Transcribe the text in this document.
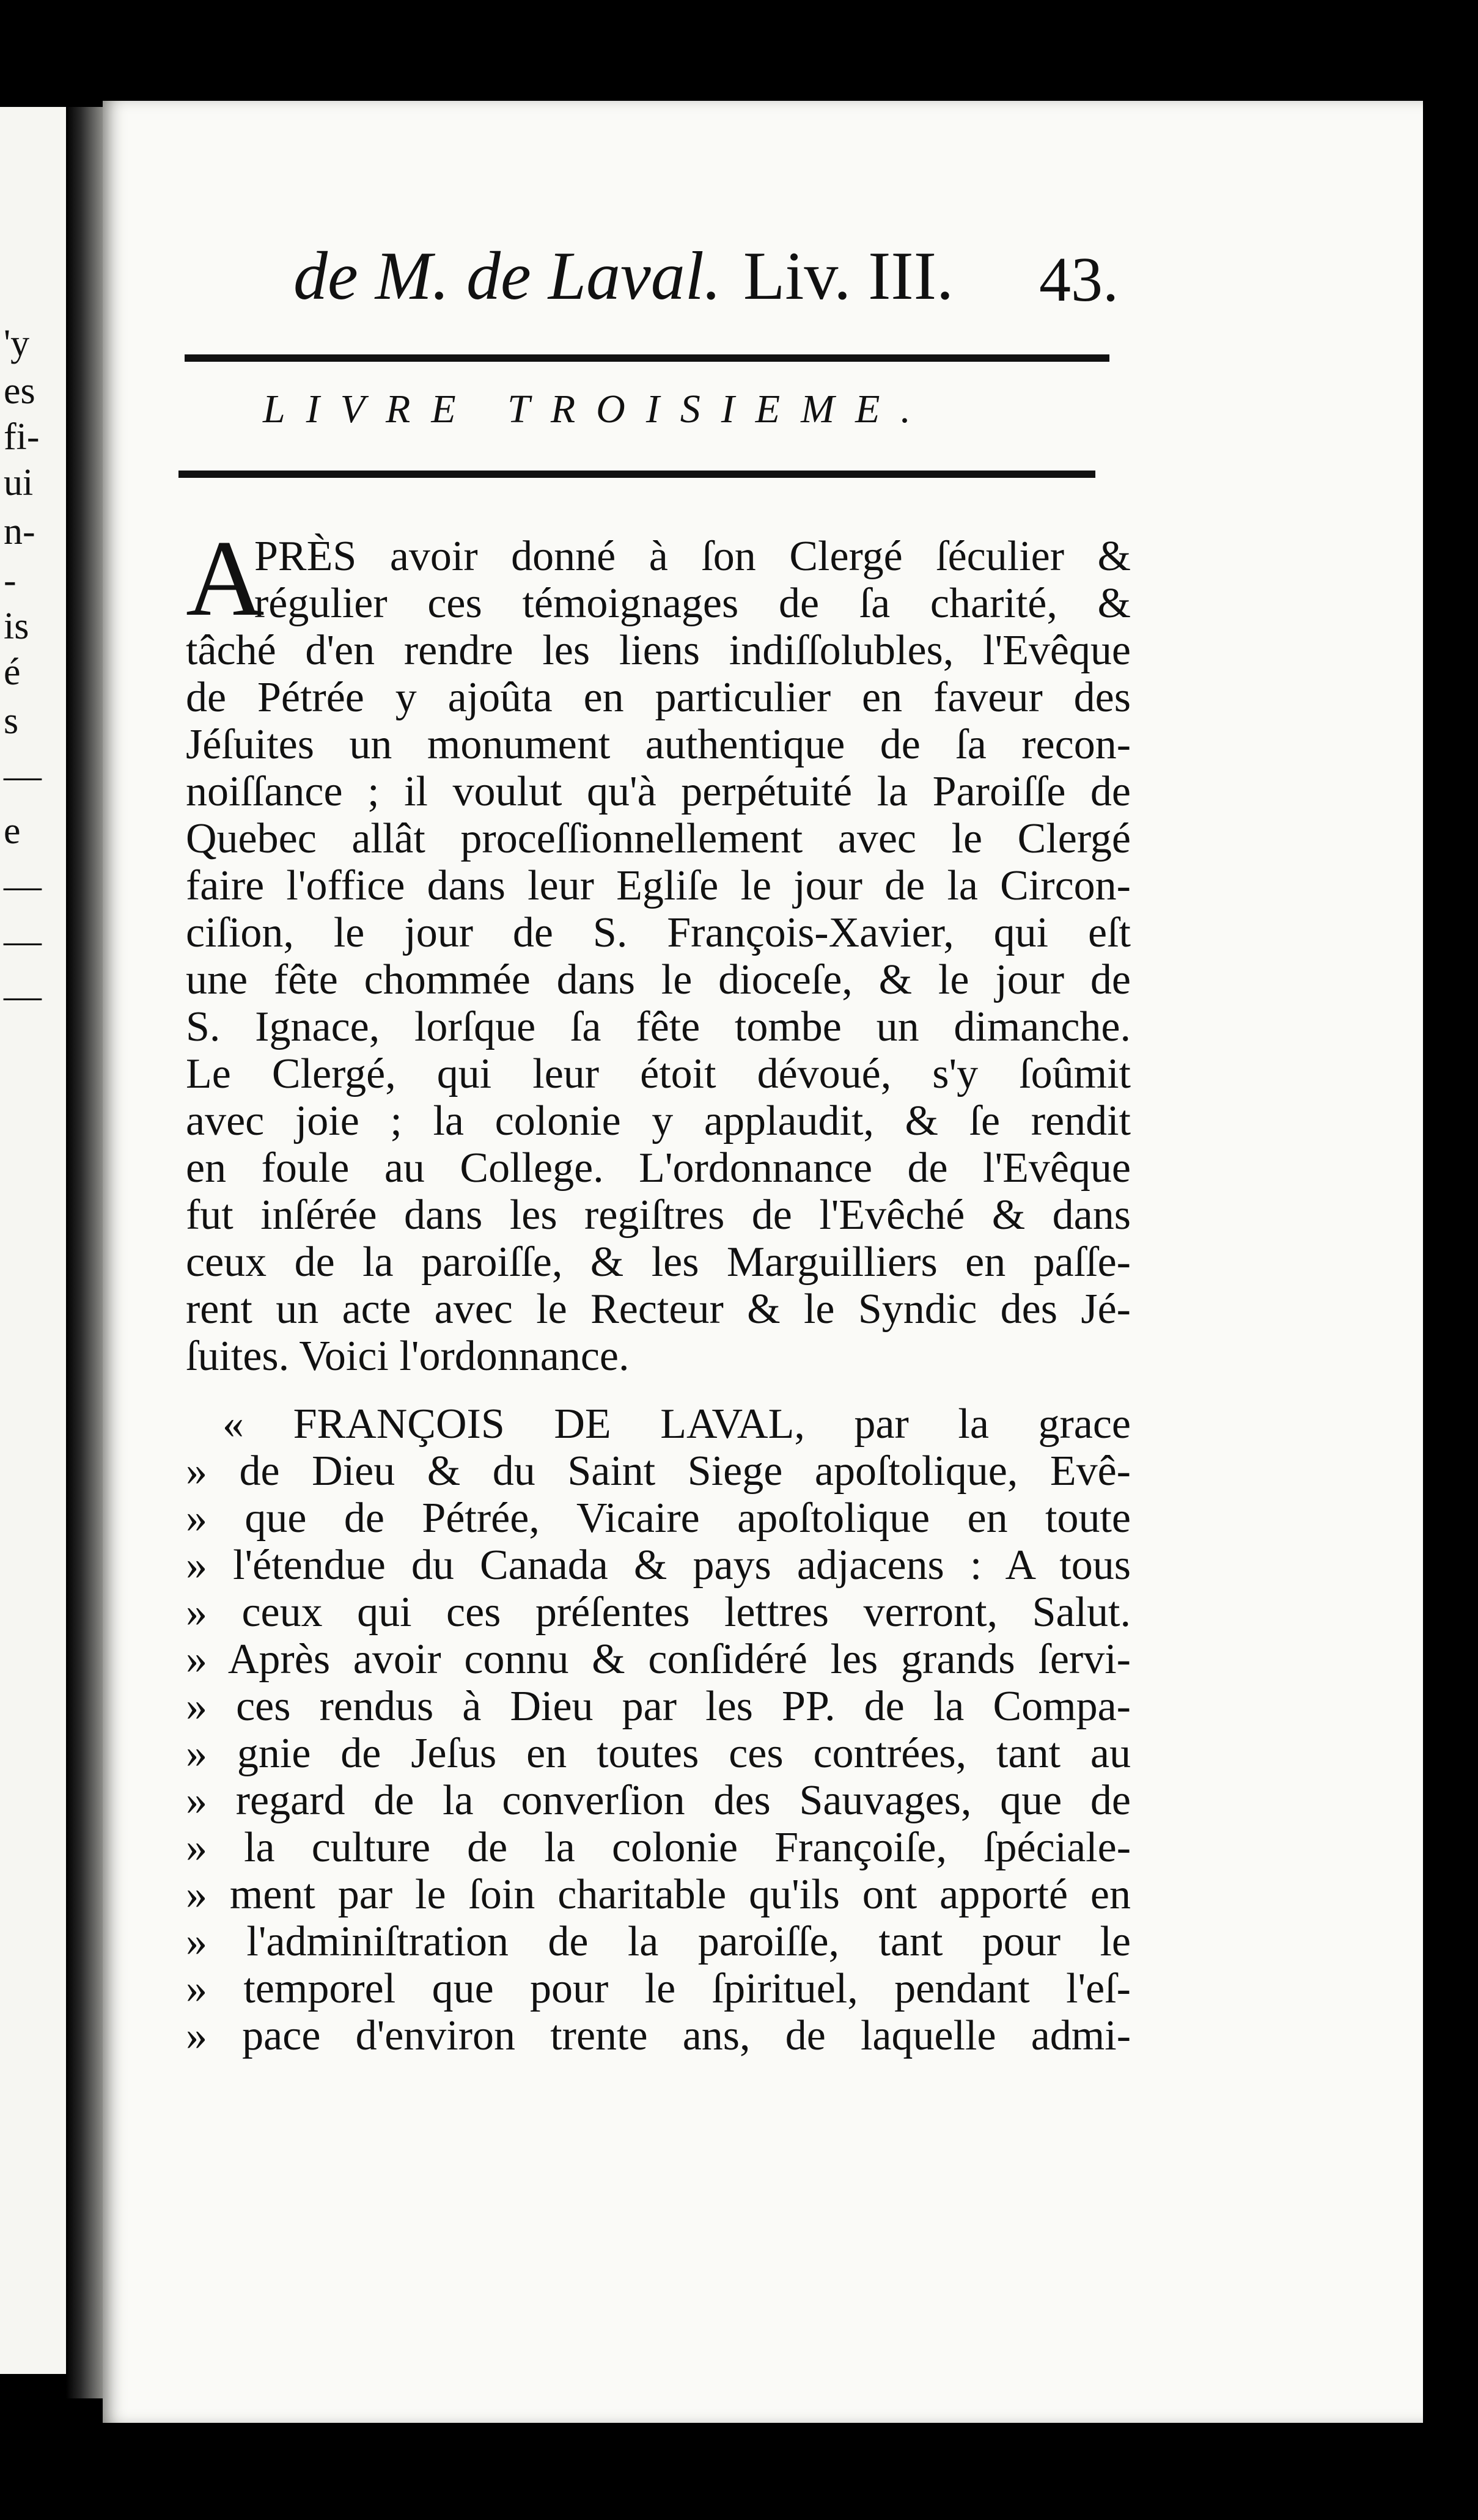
'y
es
fi-
ui
n-
-
is
é
s
—
e
—
—
—
de M. de Laval. Liv. III. 43.
LIVRE TROISIEME.
A
PRÈS avoir donné à ſon Clergé ſéculier &
régulier ces témoignages de ſa charité, &
tâché d'en rendre les liens indiſſolubles, l'Evêque
de Pétrée y ajoûta en particulier en faveur des
Jéſuites un monument authentique de ſa recon-
noiſſance ; il voulut qu'à perpétuité la Paroiſſe de
Quebec allât proceſſionnellement avec le Clergé
faire l'office dans leur Egliſe le jour de la Circon-
ciſion, le jour de S. François-Xavier, qui eſt
une fête chommée dans le dioceſe, & le jour de
S. Ignace, lorſque ſa fête tombe un dimanche.
Le Clergé, qui leur étoit dévoué, s'y ſoûmit
avec joie ; la colonie y applaudit, & ſe rendit
en foule au College. L'ordonnance de l'Evêque
fut inſérée dans les regiſtres de l'Evêché & dans
ceux de la paroiſſe, & les Marguilliers en paſſe-
rent un acte avec le Recteur & le Syndic des Jé-
ſuites. Voici l'ordonnance.
« FRANÇOIS DE LAVAL, par la grace
» de Dieu & du Saint Siege apoſtolique, Evê-
» que de Pétrée, Vicaire apoſtolique en toute
» l'étendue du Canada & pays adjacens : A tous
» ceux qui ces préſentes lettres verront, Salut.
» Après avoir connu & conſidéré les grands ſervi-
» ces rendus à Dieu par les PP. de la Compa-
» gnie de Jeſus en toutes ces contrées, tant au
» regard de la converſion des Sauvages, que de
» la culture de la colonie Françoiſe, ſpéciale-
» ment par le ſoin charitable qu'ils ont apporté en
» l'adminiſtration de la paroiſſe, tant pour le
» temporel que pour le ſpirituel, pendant l'eſ-
» pace d'environ trente ans, de laquelle admi-
